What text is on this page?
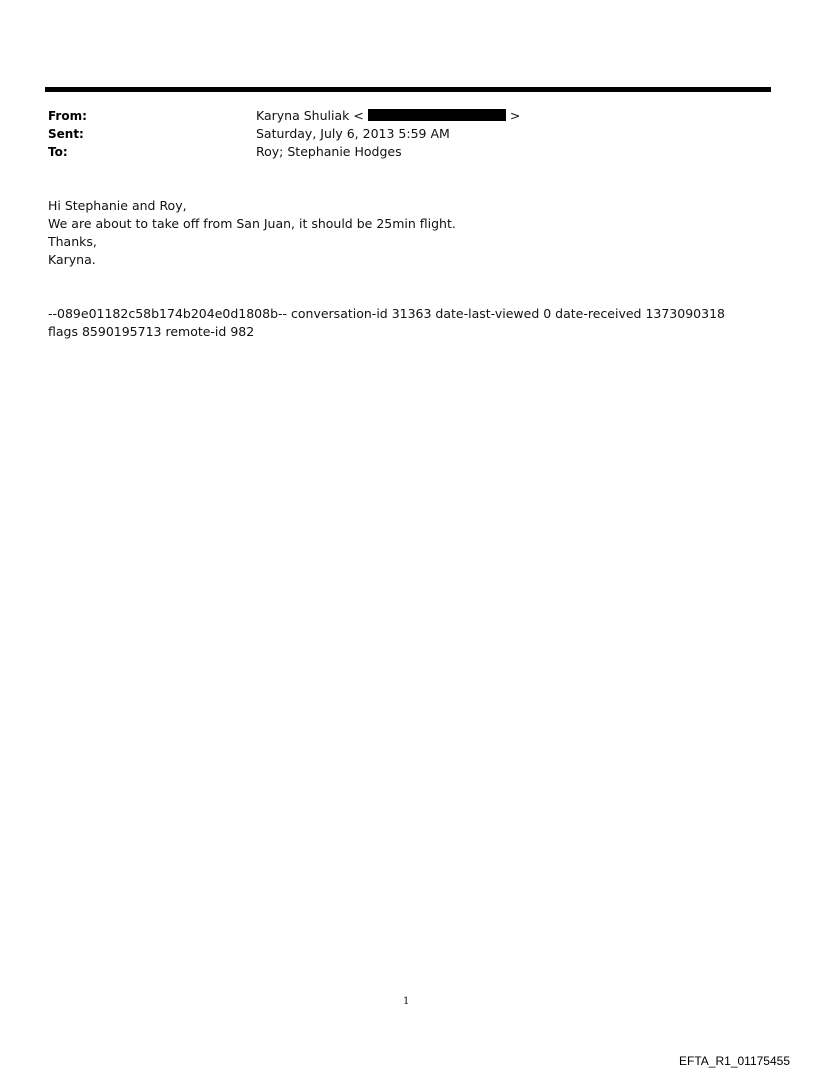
From:	Karyna Shuliak <	>
Sent:	Saturday, July 6, 2013 5:59 AM
To:	Roy; Stephanie Hodges
Hi Stephanie and Roy,
We are about to take off from San Juan, it should be 25min flight.
Thanks,
Karyna.
--089e01182c58b174b204e0d1808b-- conversation-id 31363 date-last-viewed 0 date-received 1373090318 flags 8590195713 remote-id 982
1
EFTA_R1_01175455
